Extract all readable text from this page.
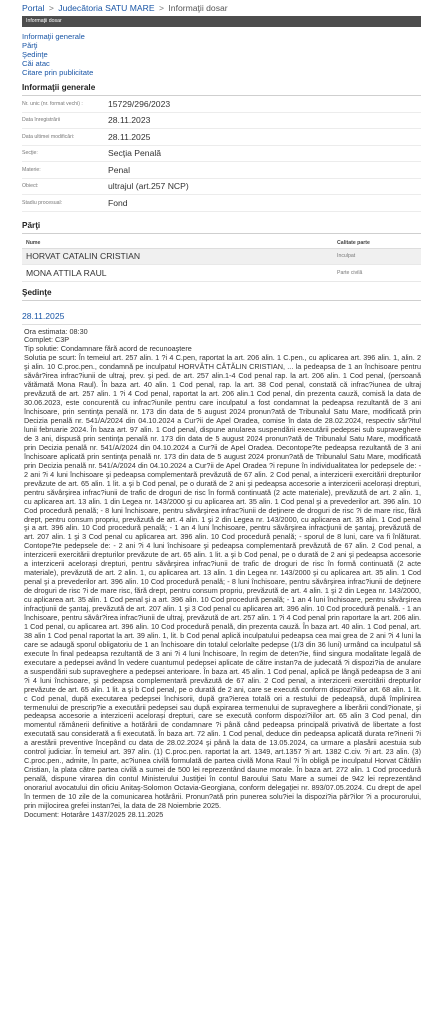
Portal > Judecătoria SATU MARE > Informaţii dosar
Informaţii dosar
Informaţii generale
Părţi
Şedinţe
Căi atac
Citare prin publicitate
Informaţii generale
Nr. unic (nr. format vechi) :	15729/296/2023
Data înregistrării	28.11.2023
Data ultimei modificări:	28.11.2025
Secţie:	Secţia Penală
Materie:	Penal
Obiect:	ultrajul (art.257 NCP)
Stadiu procesual:	Fond
Părţi
Nume	Calitate parte
HORVAT CATALIN CRISTIAN	Inculpat
MONA ATTILA RAUL	Parte civilă
Şedinţe
28.11.2025
Ora estimata: 08:30
Complet: C3P
Tip solutie: Condamnare fără acord de recunoaştere
Solutia pe scurt: În temeiul art. 257 alin. 1 ?i 4 C.pen, raportat la art. 206 alin. 1 C.pen., cu aplicarea art. 396 alin. 1, alin. 2 şi alin. 10 C.proc.pen., condamnă pe inculpatul HORVĂTH CĂTĂLIN CRISTIAN, ... la pedeapsa de 1 an închisoare pentru săvâr?irea infrac?iunii de ultraj, prev. şi ped. de art. 257 alin.1-4 Cod penal rap. la art. 206 alin. 1 Cod penal, (persoană vătămată Mona Raul). În baza art. 40 alin. 1 Cod penal, rap. la art. 38 Cod penal, constată că infrac?iunea de ultraj prevăzută de art. 257 alin. 1 ?i 4 Cod penal, raportat la art. 206 alin.1 Cod penal, din prezenta cauză, comisă la data de 30.06.2023, este concurentă cu infrac?iunile pentru care inculpatul a fost condamnat la pedeapsa rezultantă de 3 ani închisoare, prin sentinţa penală nr. 173 din data de 5 august 2024 pronun?ată de Tribunalul Satu Mare, modificată prin Decizia penală nr. 541/A/2024 din 04.10.2024 a Cur?ii de Apel Oradea, comise în data de 28.02.2024, respectiv săr?itul lunii februarie 2024. În baza art. 97 alin. 1 Cod penal, dispune anularea suspendării executării pedepsei sub supraveghere de 3 ani, dispusă prin sentinţa penală nr. 173 din data de 5 august 2024 pronun?ată de Tribunalul Satu Mare, modificată prin Decizia penală nr. 541/A/2024 din 04.10.2024 a Cur?ii de Apel Oradea. Decontope?te pedeapsa rezultantă de 3 ani închisoare aplicată prin sentinţa penală nr. 173 din data de 5 august 2024 pronun?ată de Tribunalul Satu Mare, modificată prin Decizia penală nr. 541/A/2024 din 04.10.2024 a Cur?ii de Apel Oradea ?i repune în individualitatea lor pedepsele de: - 2 ani ?i 4 luni închisoare şi pedeapsa complementară prevăzută de 67 alin. 2 Cod penal, a interzicerii exercitării drepturilor prevăzute de art. 65 alin. 1 lit. a şi b Cod penal, pe o durată de 2 ani şi pedeapsa accesorie a interzicerii acelorași drepturi, pentru săvârşirea infrac?iunii de trafic de droguri de risc în formă continuată (2 acte materiale), prevăzută de art. 2 alin. 1, cu aplicarea art. 13 alin. 1 din Legea nr. 143/2000 şi cu aplicarea art. 35 alin. 1 Cod penal şi a prevederilor art. 396 alin. 10 Cod procedură penală; - 8 luni închisoare, pentru săvârşirea infrac?iunii de deţinere de droguri de risc ?i de mare risc, fără drept, pentru consum propriu, prevăzută de art. 4 alin. 1 şi 2 din Legea nr. 143/2000, cu aplicarea art. 35 alin. 1 Cod penal şi a art. 396 alin. 10 Cod procedură penală; - 1 an 4 luni închisoare, pentru săvârşirea infracţiunii de şantaj, prevăzută de art. 207 alin. 1 şi 3 Cod penal cu aplicarea art. 396 alin. 10 Cod procedură penală; - sporul de 8 luni, care va fi înlăturat. Contope?te pedepsele de: - 2 ani ?i 4 luni închisoare şi pedeapsa complementară prevăzută de 67 alin. 2 Cod penal, a interzicerii exercitării drepturilor prevăzute de art. 65 alin. 1 lit. a şi b Cod penal, pe o durată de 2 ani şi pedeapsa accesorie a interzicerii acelorași drepturi, pentru săvârşirea infrac?iunii de trafic de droguri de risc în formă continuată (2 acte materiale), prevăzută de art. 2 alin. 1, cu aplicarea art. 13 alin. 1 din Legea nr. 143/2000 şi cu aplicarea art. 35 alin. 1 Cod penal şi a prevederilor art. 396 alin. 10 Cod procedură penală; - 8 luni închisoare, pentru săvârşirea infrac?iunii de deţinere de droguri de risc ?i de mare risc, fără drept, pentru consum propriu, prevăzută de art. 4 alin. 1 şi 2 din Legea nr. 143/2000, cu aplicarea art. 35 alin. 1 Cod penal şi a art. 396 alin. 10 Cod procedură penală; - 1 an 4 luni închisoare, pentru săvârşirea infracţiunii de şantaj, prevăzută de art. 207 alin. 1 şi 3 Cod penal cu aplicarea art. 396 alin. 10 Cod procedură penală. - 1 an închisoare, pentru săvâr?irea infrac?iunii de ultraj, prevăzută de art. 257 alin. 1 ?i 4 Cod penal prin raportare la art. 206 alin. 1 Cod penal, cu aplicarea art. 396 alin. 10 Cod procedură penală, din prezenta cauză. În baza art. 40 alin. 1 Cod penal, art. 38 alin 1 Cod penal raportat la art. 39 alin. 1, lit. b Cod penal aplică inculpatului pedeapsa cea mai grea de 2 ani ?i 4 luni la care se adaugă sporul obligatoriu de 1 an închisoare din totalul celorlalte pedepse (1/3 din 36 luni) urmând ca inculpatul să execute în final pedeapsa rezultantă de 3 ani ?i 4 luni închisoare, în regim de deten?ie, fiind singura modalitate legală de executare a pedepsei având în vedere cuantumul pedepsei aplicate de către instan?a de judecată ?i dispozi?ia de anulare a suspendării sub supraveghere a pedepsei anterioare. În baza art. 45 alin. 1 Cod penal, aplică pe lângă pedeapsa de 3 ani ?i 4 luni închisoare, şi pedeapsa complementară prevăzută de 67 alin. 2 Cod penal, a interzicerii exercitării drepturilor prevăzute de art. 65 alin. 1 lit. a şi b Cod penal, pe o durată de 2 ani, care se execută conform dispozi?iilor art. 68 alin. 1 lit. c Cod penal, după executarea pedepsei închisorii, după gra?ierea totală ori a restului de pedeapsă, după împlinirea termenului de prescrip?ie a executării pedepsei sau după expirarea termenului de supraveghere a liberării condi?ionate, şi pedeapsa accesorie a interzicerii acelorași drepturi, care se execută conform dispozi?iilor art. 65 alin 3 Cod penal, din momentul rămânerii definitive a hotărârii de condamnare ?i până când pedeapsa principală privativă de libertate a fost executată sau considerată a fi executată. În baza art. 72 alin. 1 Cod penal, deduce din pedeapsa aplicată durata re?inerii ?i a arestării preventive începând cu data de 28.02.2024 şi până la data de 13.05.2024, ca urmare a plasării acestuia sub control judiciar. În temeiul art. 397 alin. (1) C.proc.pen. raportat la art. 1349, art.1357 ?i art. 1382 C.civ. ?i art. 23 alin. (3) C.proc.pen., admite, în parte, ac?iunea civilă formulată de partea civilă Mona Raul ?i în obligă pe inculpatul Horvat Cătălin Cristian, la plata către partea civilă a sumei de 500 lei reprezentând daune morale. În baza art. 272 alin. 1 Cod procedură penală, dispune virarea din contul Ministerului Justiţiei în contul Baroului Satu Mare a sumei de 942 lei reprezentând onorariul avocatului din oficiu Anitaş-Solomon Octavia-Georgiana, conform delegaţiei nr. 893/07.05.2024. Cu drept de apel în termen de 10 zile de la comunicarea hotărârii. Pronun?ată prin punerea solu?iei la dispozi?ia păr?ilor ?i a procurorului, prin mijlocirea grefei instan?ei, la data de 28 Noiembrie 2025.
Document: Hotarâre 1437/2025 28.11.2025
